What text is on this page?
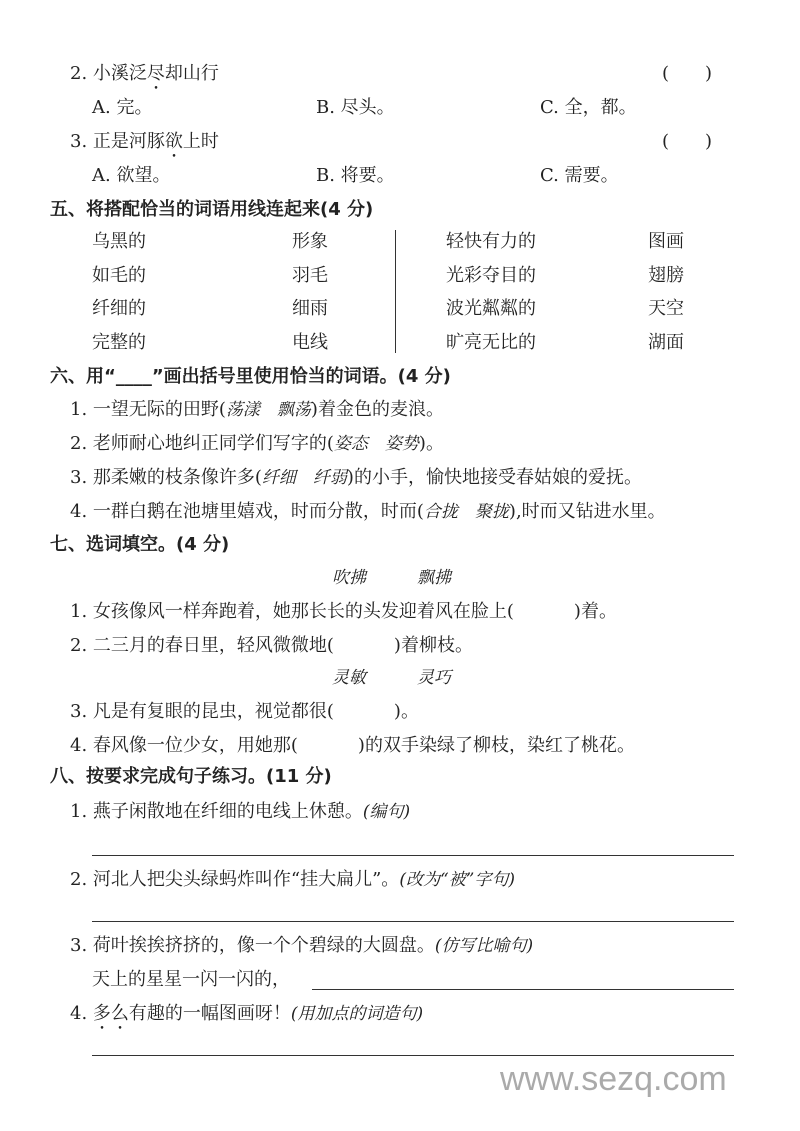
2. 小溪泛尽却山行	(　　)
A. 完。	B. 尽头。	C. 全，都。
3. 正是河豚欲上时	(　　)
A. 欲望。	B. 将要。	C. 需要。
五、将搭配恰当的词语用线连起来(4 分)
六、用“____”画出括号里使用恰当的词语。(4 分)
七、选词填空。(4 分)
吹拂　　　飘拂
灵敏　　　灵巧
八、按要求完成句子练习。(11 分)
1. 燕子闲散地在纤细的电线上休憩。(编句)
2. 河北人把尖头绿蚂炸叫作“挂大扁儿”。(改为“被”字句)
3. 荷叶挨挨挤挤的，像一个个碧绿的大圆盘。(仿写比喻句)
天上的星星一闪一闪的，
4. 多么有趣的一幅图画呀！(用加点的词造句)
www.sezq.com
乌黑的	形象	轻快有力的	图画
如毛的	羽毛	光彩夺目的	翅膀
纤细的	细雨	波光粼粼的	天空
完整的	电线	旷亮无比的	湖面
1. 一望无际的田野(荡漾　飘荡)着金色的麦浪。
2. 老师耐心地纠正同学们写字的(姿态　姿势)。
3. 那柔嫩的枝条像许多(纤细　纤弱)的小手，愉快地接受春姑娘的爱抚。
4. 一群白鹅在池塘里嬉戏，时而分散，时而(合拢　聚拢),时而又钻进水里。
1. 女孩像风一样奔跑着，她那长长的头发迎着风在脸上(	)着。
2. 二三月的春日里，轻风微微地(	)着柳枝。
3. 凡是有复眼的昆虫，视觉都很(	)。
4. 春风像一位少女，用她那(	)的双手染绿了柳枝，染红了桃花。
